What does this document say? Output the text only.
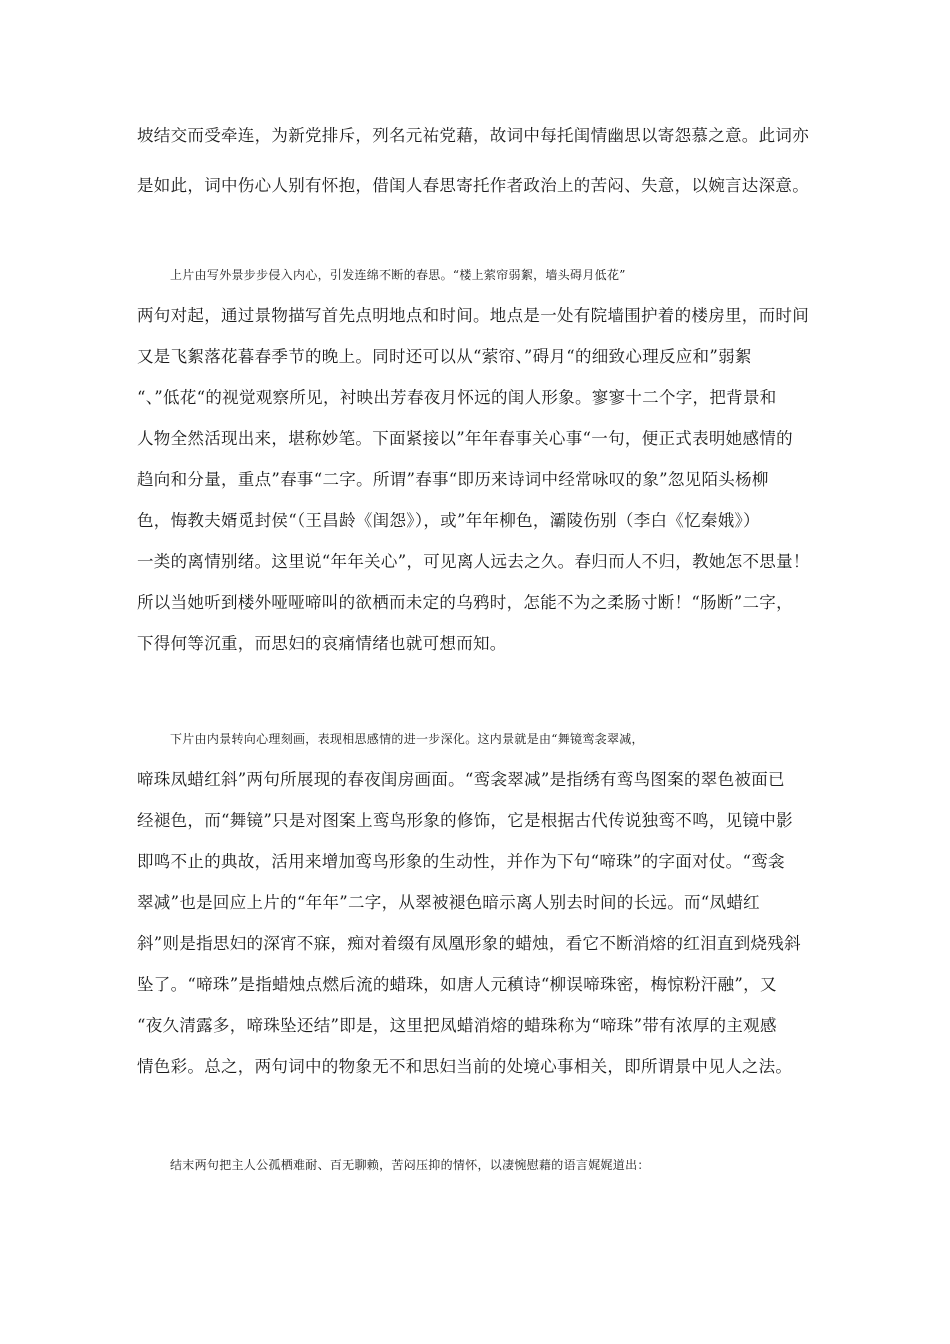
坡结交而受牵连，为新党排斥，列名元祐党藉，故词中每托闺情幽思以寄怨慕之意。此词亦
是如此，词中伤心人别有怀抱，借闺人春思寄托作者政治上的苦闷、失意，以婉言达深意。
上片由写外景步步侵入内心，引发连绵不断的春思。“楼上萦帘弱絮，墙头碍月低花”
两句对起，通过景物描写首先点明地点和时间。地点是一处有院墙围护着的楼房里，而时间
又是飞絮落花暮春季节的晚上。同时还可以从“萦帘、”碍月“的细致心理反应和”弱絮
“、”低花“的视觉观察所见，衬映出芳春夜月怀远的闺人形象。寥寥十二个字，把背景和
人物全然活现出来，堪称妙笔。下面紧接以”年年春事关心事“一句，便正式表明她感情的
趋向和分量，重点”春事“二字。所谓”春事“即历来诗词中经常咏叹的象”忽见陌头杨柳
色，悔教夫婿觅封侯“（王昌龄《闺怨》），或”年年柳色，灞陵伤别（李白《忆秦娥》）
一类的离情别绪。这里说“年年关心”，可见离人远去之久。春归而人不归，教她怎不思量！
所以当她听到楼外哑哑啼叫的欲栖而未定的乌鸦时，怎能不为之柔肠寸断！“肠断”二字，
下得何等沉重，而思妇的哀痛情绪也就可想而知。
下片由内景转向心理刻画，表现相思感情的进一步深化。这内景就是由“舞镜鸾衾翠减，
啼珠凤蜡红斜”两句所展现的春夜闺房画面。“鸾衾翠减”是指绣有鸾鸟图案的翠色被面已
经褪色，而“舞镜”只是对图案上鸾鸟形象的修饰，它是根据古代传说独鸾不鸣，见镜中影
即鸣不止的典故，活用来增加鸾鸟形象的生动性，并作为下句“啼珠”的字面对仗。“鸾衾
翠减”也是回应上片的“年年”二字，从翠被褪色暗示离人别去时间的长远。而“凤蜡红
斜”则是指思妇的深宵不寐，痴对着缀有凤凰形象的蜡烛，看它不断消熔的红泪直到烧残斜
坠了。“啼珠”是指蜡烛点燃后流的蜡珠，如唐人元稹诗“柳误啼珠密，梅惊粉汗融”，又
“夜久清露多，啼珠坠还结”即是，这里把凤蜡消熔的蜡珠称为“啼珠”带有浓厚的主观感
情色彩。总之，两句词中的物象无不和思妇当前的处境心事相关，即所谓景中见人之法。
结末两句把主人公孤栖难耐、百无聊赖，苦闷压抑的情怀，以凄惋慰藉的语言娓娓道出：
